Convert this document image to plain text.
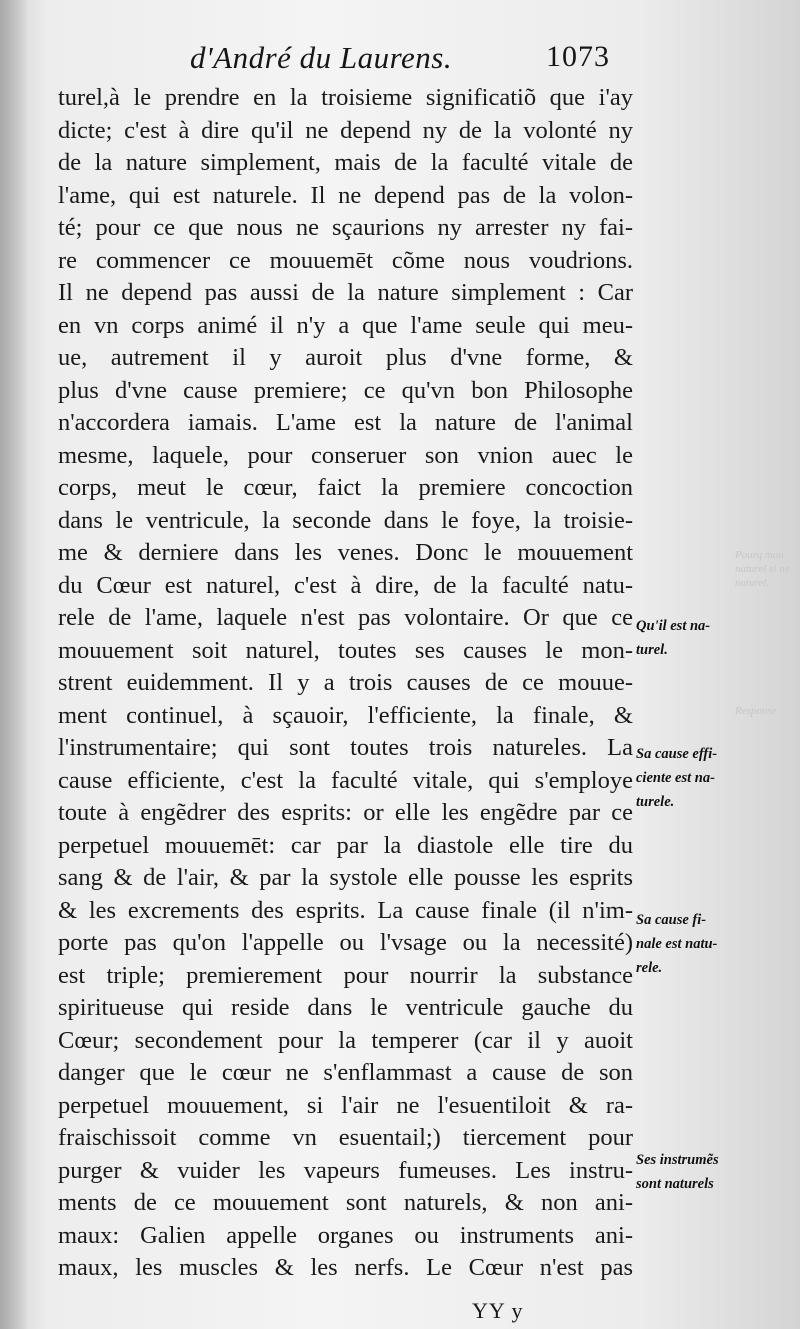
d'André du Laurens.	1073
turel,à le prendre en la troisieme significatiõ que i'ay
dicte; c'est à dire qu'il ne depend ny de la volonté ny
de la nature simplement, mais de la faculté vitale de
l'ame, qui est naturele. Il ne depend pas de la volon-
té; pour ce que nous ne sçaurions ny arrester ny fai-
re commencer ce mouuemēt cõme nous voudrions.
Il ne depend pas aussi de la nature simplement : Car
en vn corps animé il n'y a que l'ame seule qui meu-
ue, autrement il y auroit plus d'vne forme, &
plus d'vne cause premiere; ce qu'vn bon Philosophe
n'accordera iamais. L'ame est la nature de l'animal
mesme, laquele, pour conseruer son vnion auec le
corps, meut le cœur, faict la premiere concoction
dans le ventricule, la seconde dans le foye, la troisie-
me & derniere dans les venes. Donc le mouuement
du Cœur est naturel, c'est à dire, de la faculté natu-
rele de l'ame, laquele n'est pas volontaire. Or que ce
mouuement soit naturel, toutes ses causes le mon-
strent euidemment. Il y a trois causes de ce mouue-
ment continuel, à sçauoir, l'efficiente, la finale, &
l'instrumentaire; qui sont toutes trois natureles. La
cause efficiente, c'est la faculté vitale, qui s'employe
toute à engẽdrer des esprits: or elle les engẽdre par ce
perpetuel mouuemēt: car par la diastole elle tire du
sang & de l'air, & par la systole elle pousse les esprits
& les excrements des esprits. La cause finale (il n'im-
porte pas qu'on l'appelle ou l'vsage ou la necessité)
est triple; premierement pour nourrir la substance
spiritueuse qui reside dans le ventricule gauche du
Cœur; secondement pour la temperer (car il y auoit
danger que le cœur ne s'enflammast a cause de son
perpetuel mouuement, si l'air ne l'esuentiloit & ra-
fraischissoit comme vn esuentail;) tiercement pour
purger & vuider les vapeurs fumeuses. Les instru-
ments de ce mouuement sont naturels, & non ani-
maux: Galien appelle organes ou instruments ani-
maux, les muscles & les nerfs. Le Cœur n'est pas
Qu'il est na-
turel.
Sa cause effi-
ciente est na-
turele.
Sa cause fi-
nale est natu-
rele.
Ses instrumẽs
sont naturels
Pourq mou
naturel si ne
naturel.
Response
YY y
